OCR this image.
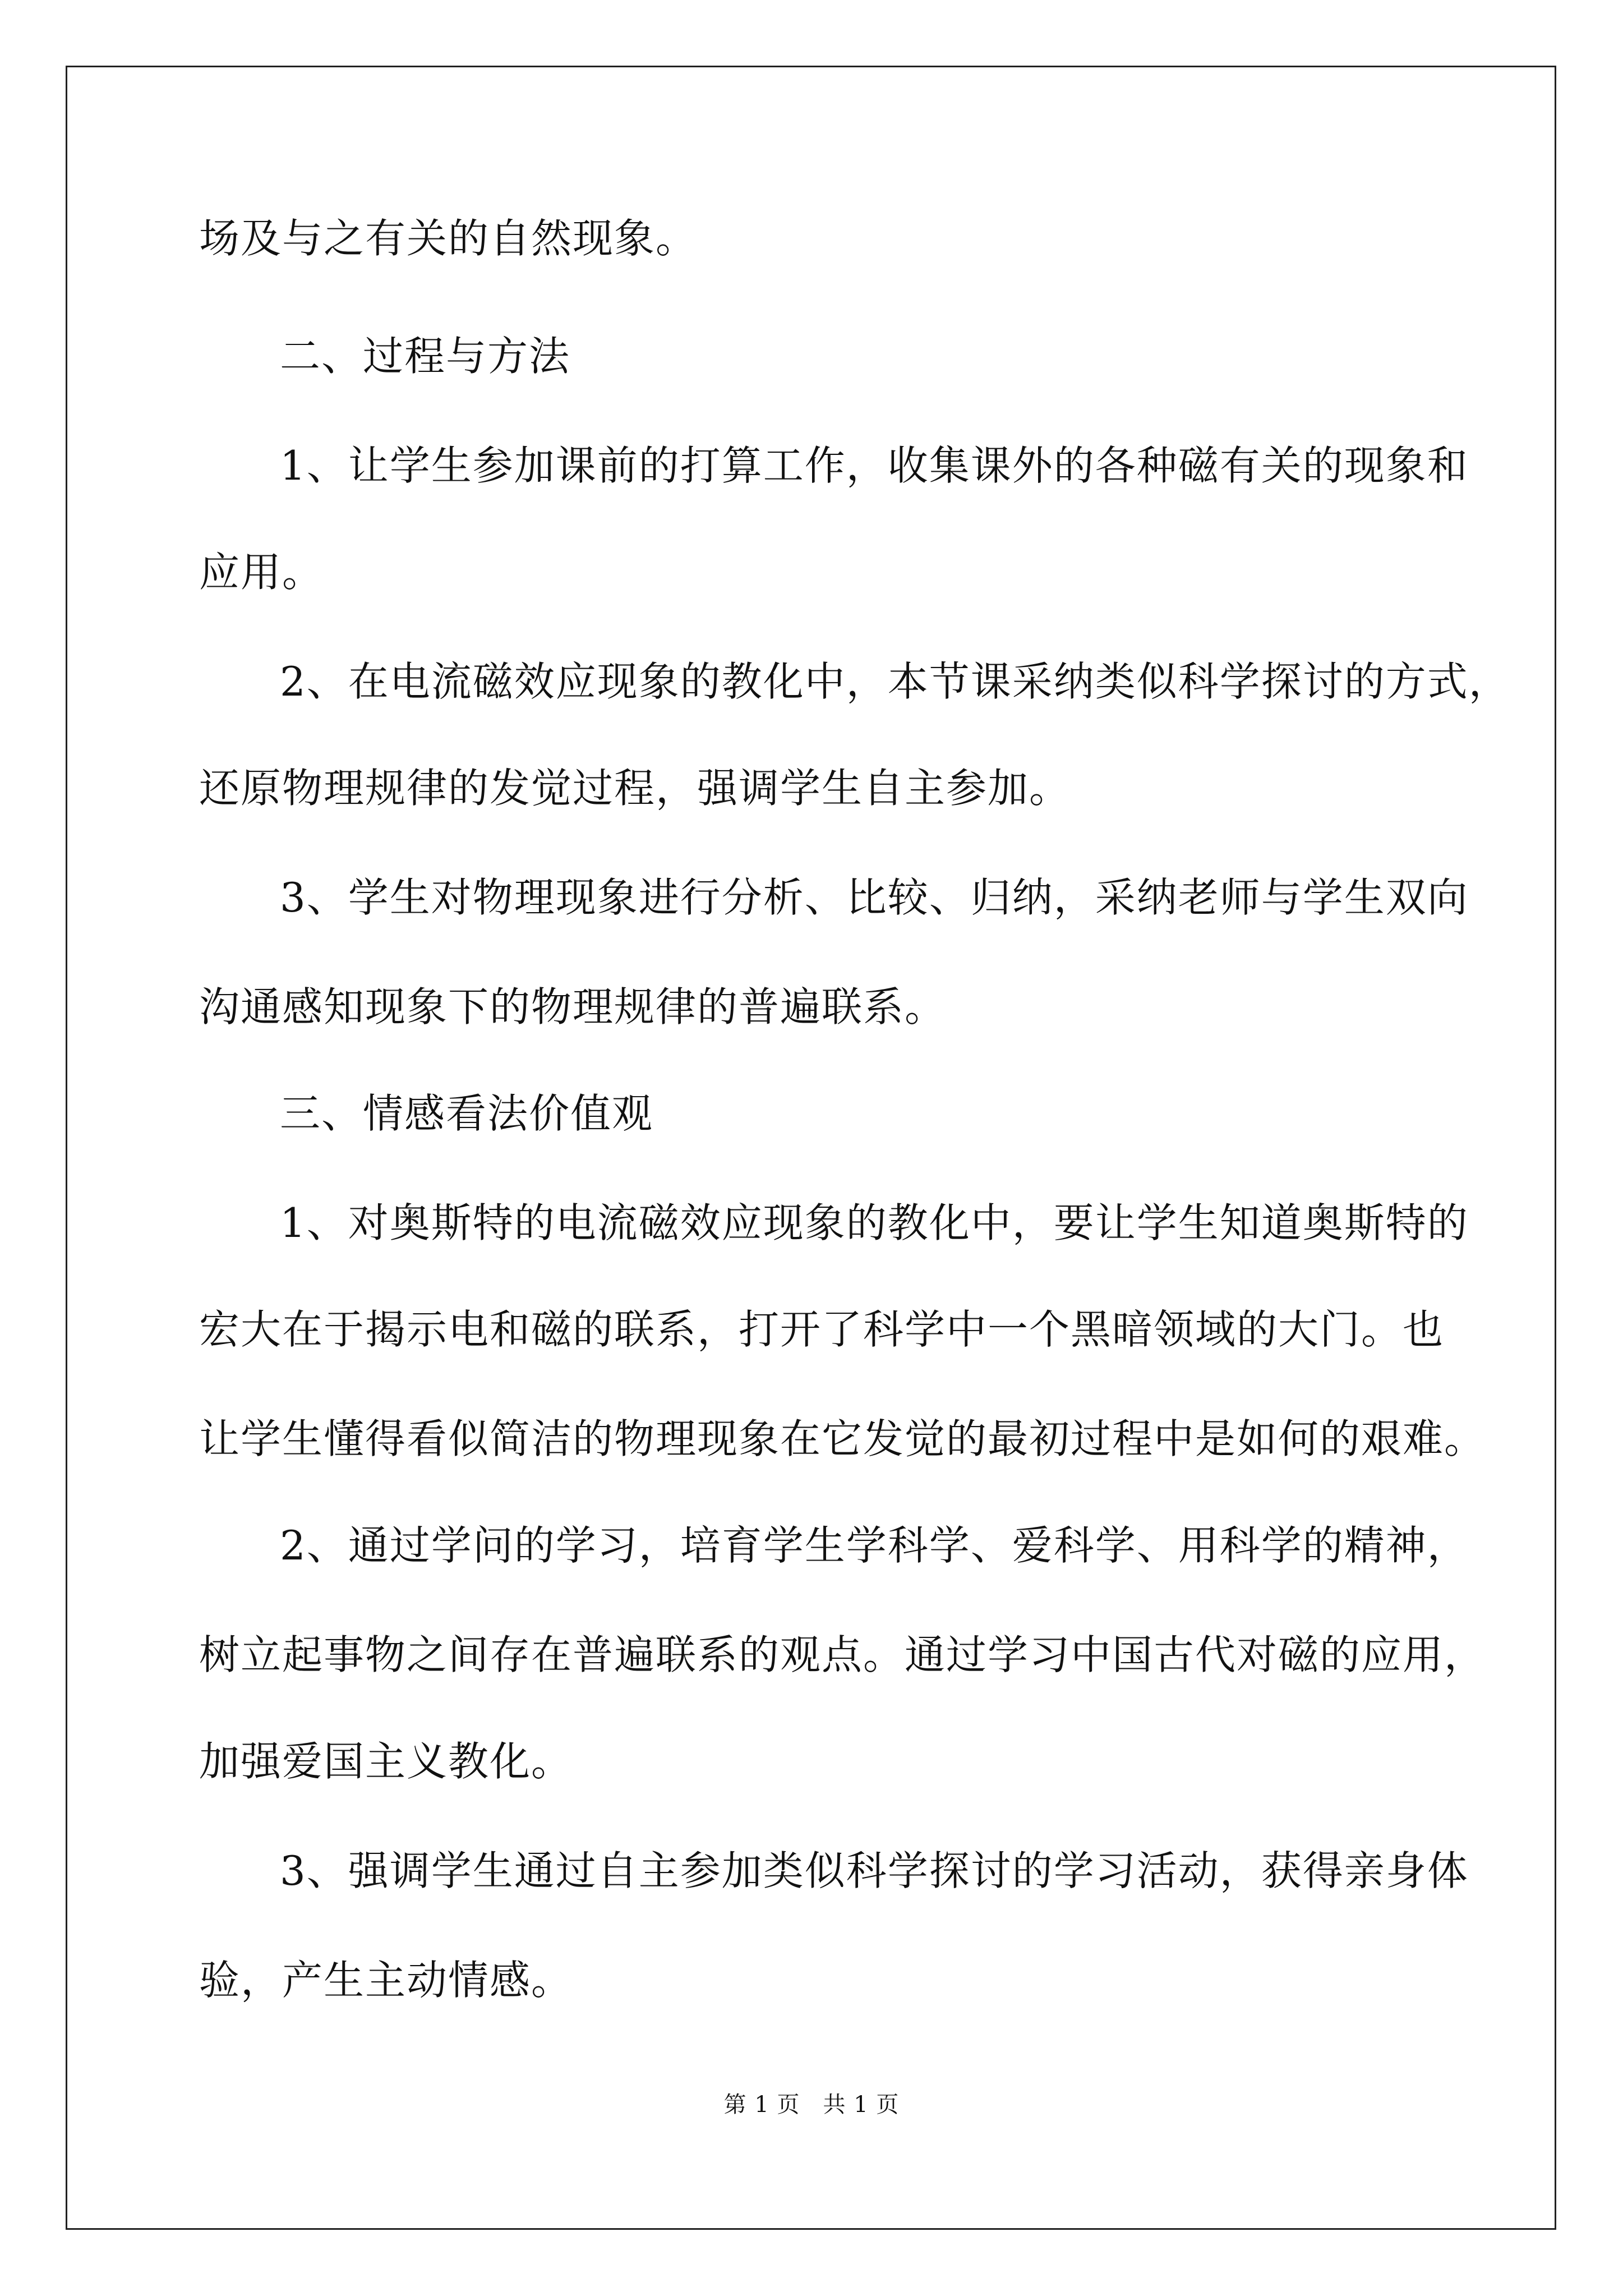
场及与之有关的自然现象。
二、过程与方法
1、让学生参加课前的打算工作，收集课外的各种磁有关的现象和
应用。
2、在电流磁效应现象的教化中，本节课采纳类似科学探讨的方式，
还原物理规律的发觉过程，强调学生自主参加。
3、学生对物理现象进行分析、比较、归纳，采纳老师与学生双向
沟通感知现象下的物理规律的普遍联系。
三、情感看法价值观
1、对奥斯特的电流磁效应现象的教化中，要让学生知道奥斯特的
宏大在于揭示电和磁的联系，打开了科学中一个黑暗领域的大门。也
让学生懂得看似简洁的物理现象在它发觉的最初过程中是如何的艰难。
2、通过学问的学习，培育学生学科学、爱科学、用科学的精神，
树立起事物之间存在普遍联系的观点。通过学习中国古代对磁的应用，
加强爱国主义教化。
3、强调学生通过自主参加类似科学探讨的学习活动，获得亲身体
验，产生主动情感。
第 1 页　共 1 页
